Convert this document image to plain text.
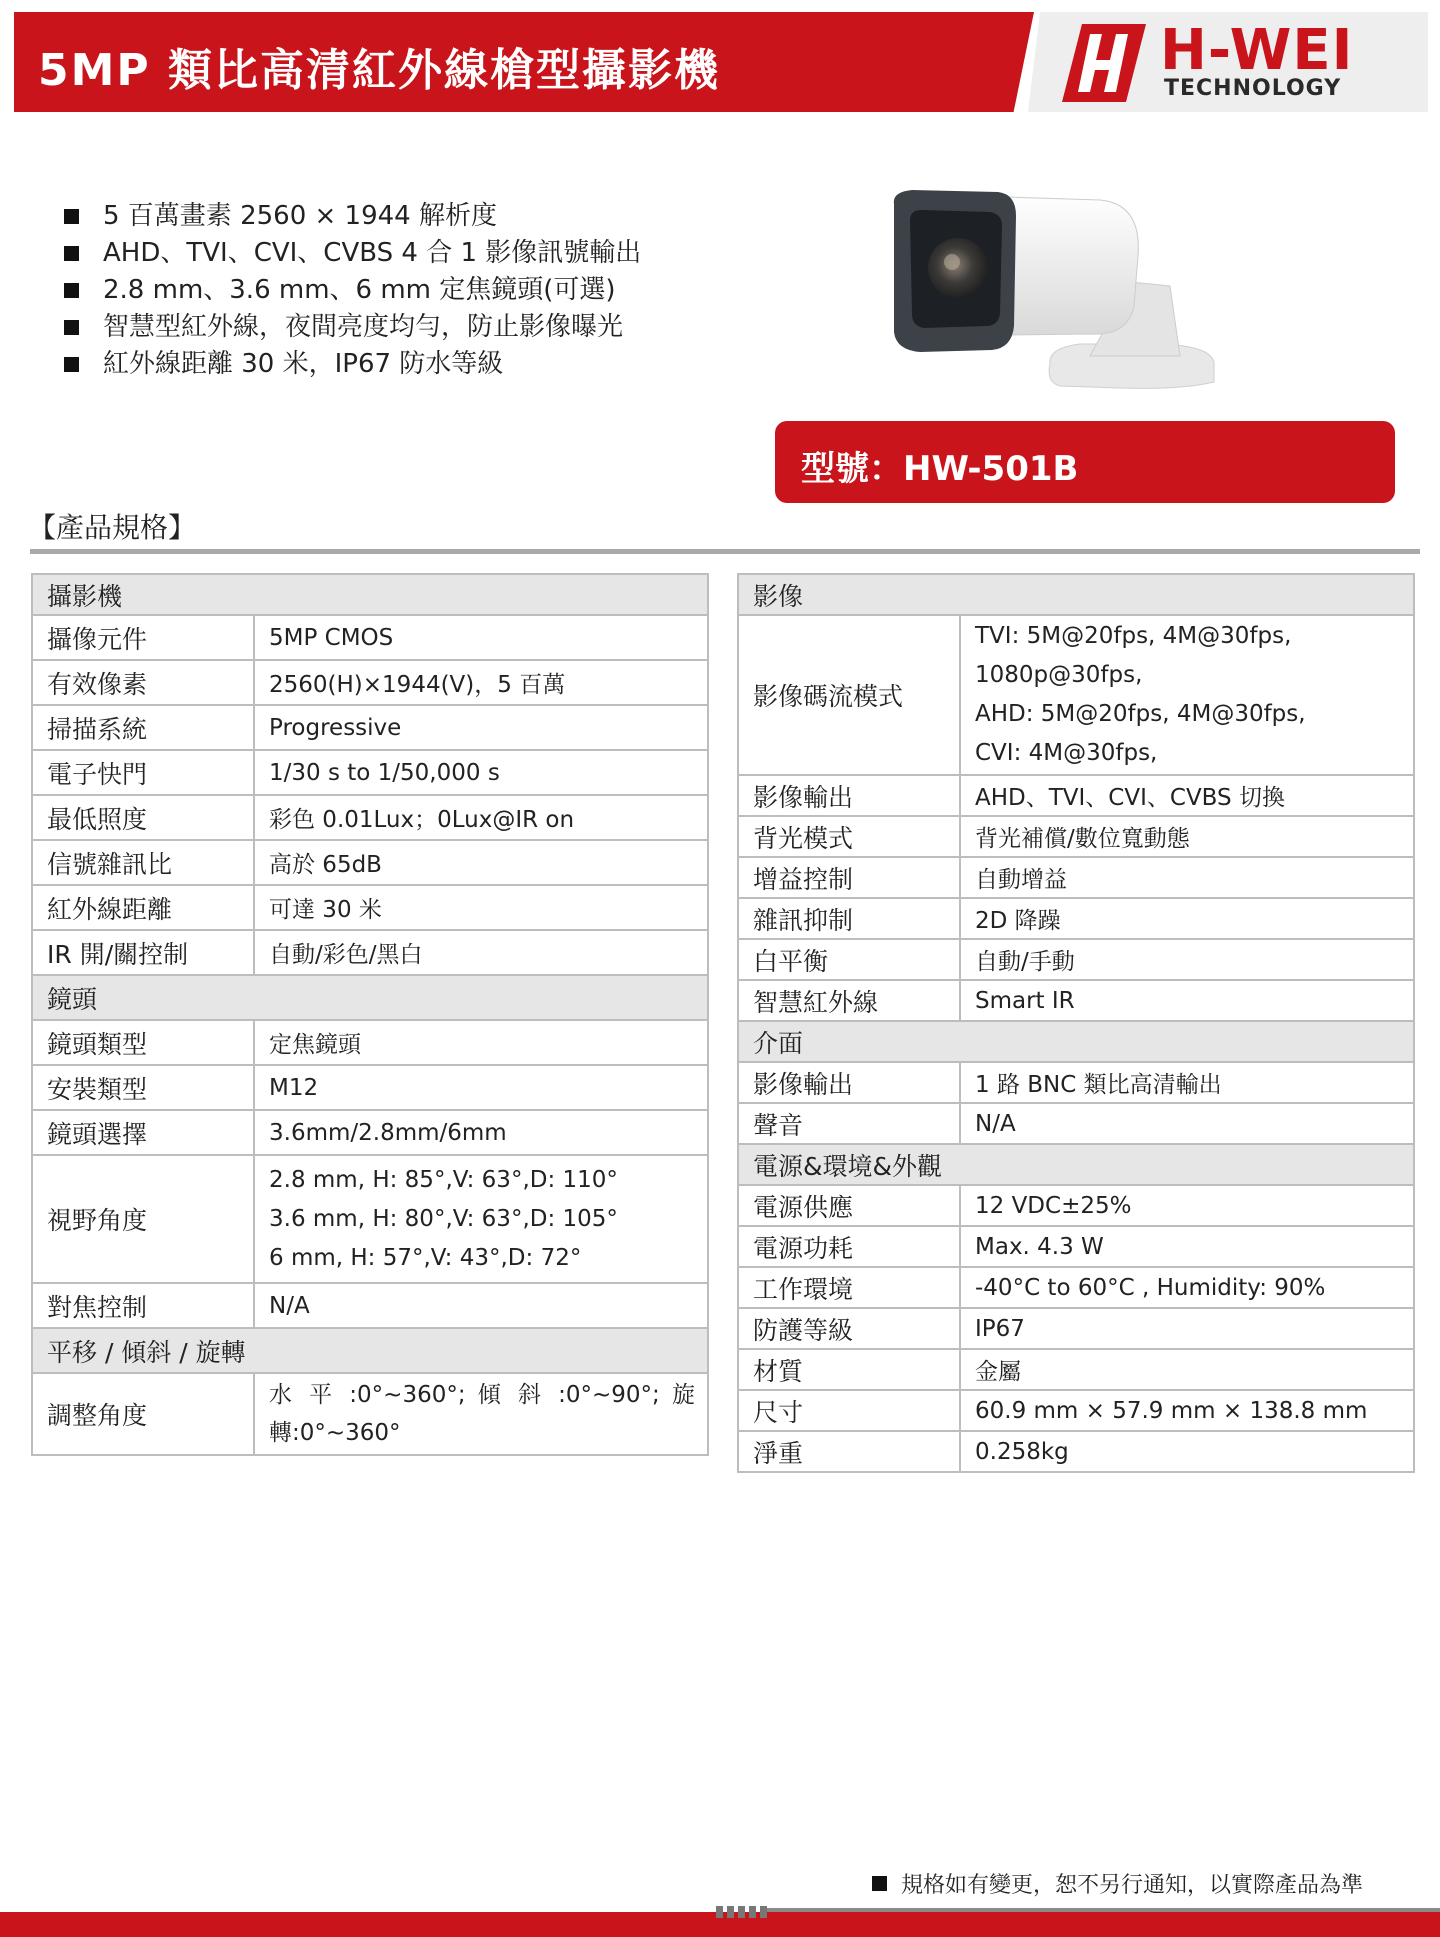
5MP 類比高清紅外線槍型攝影機	H-WEI
TECHNOLOGY
5 百萬畫素 2560 × 1944 解析度
AHD、TVI、CVI、CVBS 4 合 1 影像訊號輸出
2.8 mm、3.6 mm、6 mm 定焦鏡頭(可選)
智慧型紅外線，夜間亮度均勻，防止影像曝光
紅外線距離 30 米，IP67 防水等級
型號：HW-501B
【產品規格】
攝影機	
攝像元件	5MP CMOS
有效像素	2560(H)×1944(V)，5 百萬
掃描系統	Progressive
電子快門	1/30 s to 1/50,000 s
最低照度	彩色 0.01Lux；0Lux@IR on
信號雜訊比	高於 65dB
紅外線距離	可達 30 米
IR 開/關控制	自動/彩色/黑白
鏡頭	
鏡頭類型	定焦鏡頭
安裝類型	M12
鏡頭選擇	3.6mm/2.8mm/6mm
視野角度	2.8 mm, H: 85°,V: 63°,D: 110°
3.6 mm, H: 80°,V: 63°,D: 105°
6 mm, H: 57°,V: 43°,D: 72°

對焦控制	N/A
平移 / 傾斜 / 旋轉	
調整角度	水 平 :0°~360°; 傾 斜 :0°~90°; 旋轉:0°~360°
影像	
影像碼流模式	TVI: 5M@20fps, 4M@30fps,
1080p@30fps,
AHD: 5M@20fps, 4M@30fps,
CVI: 4M@30fps,

影像輸出	AHD、TVI、CVI、CVBS 切換
背光模式	背光補償/數位寬動態
增益控制	自動增益
雜訊抑制	2D 降躁
白平衡	自動/手動
智慧紅外線	Smart IR
介面	
影像輸出	1 路 BNC 類比高清輸出
聲音	N/A
電源&環境&外觀	
電源供應	12 VDC±25%
電源功耗	Max. 4.3 W
工作環境	-40°C to 60°C , Humidity: 90%
防護等級	IP67
材質	金屬
尺寸	60.9 mm × 57.9 mm × 138.8 mm
淨重	0.258kg
規格如有變更，恕不另行通知，以實際產品為準
